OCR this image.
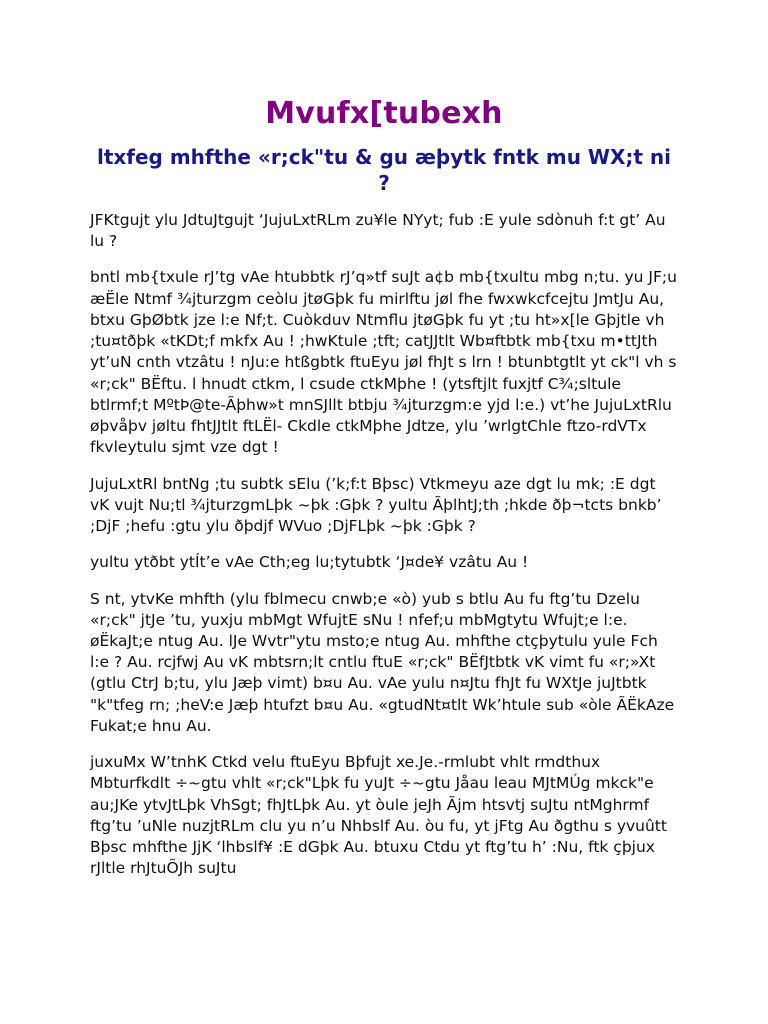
Mvufx[tubexh
ltxfeg mhfthe «r;ck"tu & gu æþytk fntk mu WX;t ni ?

JFKtgujt ylu JdtuJtgujt ‘JujuLxtRLm zu¥le NYyt; fub :E yule sdònuh f:t gt’ Au lu ?

bntl mb{txule rJ’tg vAe htubbtk rJ’q»tf suJt a¢b mb{txultu mbg n;tu. yu JF;u æËle Ntmf ¾jturzgm ceòlu jtøGþk fu mirlftu jøl fhe fwxwkcfcejtu JmtJu Au, btxu GþØbtk jze l:e Nf;t. Cuòkduv Ntmflu jtøGþk fu yt ;tu ht»x[le Gþjtle vh ;tu¤tðþk «tKDt;f mkfx Au ! ;hwKtule ;tft; catJJtlt Wb¤ftbtk mb{txu m•ttJth yt’uN cnth vtzâtu ! nJu:e htßgbtk ftuEyu jøl fhJt s lrn ! btunbtgtlt yt ck"l vh s «r;ck" BËftu. l hnudt ctkm, l csude ctkMþhe ! (ytsftjlt fuxjtf C¾;sltule btlrmf;t MºtÞ@te-Ãþhw»t mnSJllt btbju ¾jturzgm:e yjd l:e.) vt’he JujuLxtRlu øþvåþv jøltu fhtJJtlt ftLËl- Ckdle ctkMþhe Jdtze, ylu ’wrlgtChle ftzo-rdVTx fkvleytulu sjmt vze dgt !

JujuLxtRl bntNg ;tu subtk sElu (’k;f:t Bþsc) Vtkmeyu aze dgt lu mk; :E dgt vK vujt Nu;tl ¾jturzgmLþk ~þk :Gþk ? yultu ÃþlhtJ;th ;hkde ðþ¬tcts bnkb’ ;DjF ;hefu :gtu ylu ðþdjf WVuo ;DjFLþk ~þk :Gþk ?

yultu ytðbt ytÍt’e vAe Cth;eg lu;tytubtk ‘J¤de¥ vzâtu Au !

S nt, ytvKe mhfth (ylu fblmecu cnwb;e «ò) yub s btlu Au fu ftg’tu Dzelu «r;ck" jtJe ’tu, yuxju mbMgt WfujtE sNu ! nfef;u mbMgtytu Wfujt;e l:e. øËkaJt;e ntug Au. lJe Wvtr"ytu msto;e ntug Au. mhfthe ctçþytulu yule Fch l:e ? Au. rcjfwj Au vK mbtsrn;lt cntlu ftuE «r;ck" BËfJtbtk vK vimt fu «r;»Xt (gtlu CtrJ b;tu, ylu Jæþ vimt) b¤u Au. vAe yulu n¤Jtu fhJt fu WXtJe juJtbtk "k"tfeg rn; ;heV:e Jæþ htufzt b¤u Au. «gtudNt¤tlt Wk’htule sub «òle ÃËkAze Fukat;e hnu Au.

juxuMx W’tnhK Ctkd velu ftuEyu Bþfujt xe.Je.-rmlubt vhlt rmdthux Mbturfkdlt ÷~gtu vhlt «r;ck"Lþk fu yuJt ÷~gtu Jåau leau MJtMÚg mkck"e au;JKe ytvJtLþk VhSgt; fhJtLþk Au. yt òule jeJh Ãjm htsvtj suJtu ntMghrmf ftg’tu ’uNle nuzjtRLm clu yu n’u Nhbslf Au. òu fu, yt jFtg Au ðgthu s yvuûtt Bþsc mhfthe JjK ‘lhbslf¥ :E dGþk Au. btuxu Ctdu yt ftg’tu h’ :Nu, ftk çþjux rJltle rhJtuÕJh suJtu
